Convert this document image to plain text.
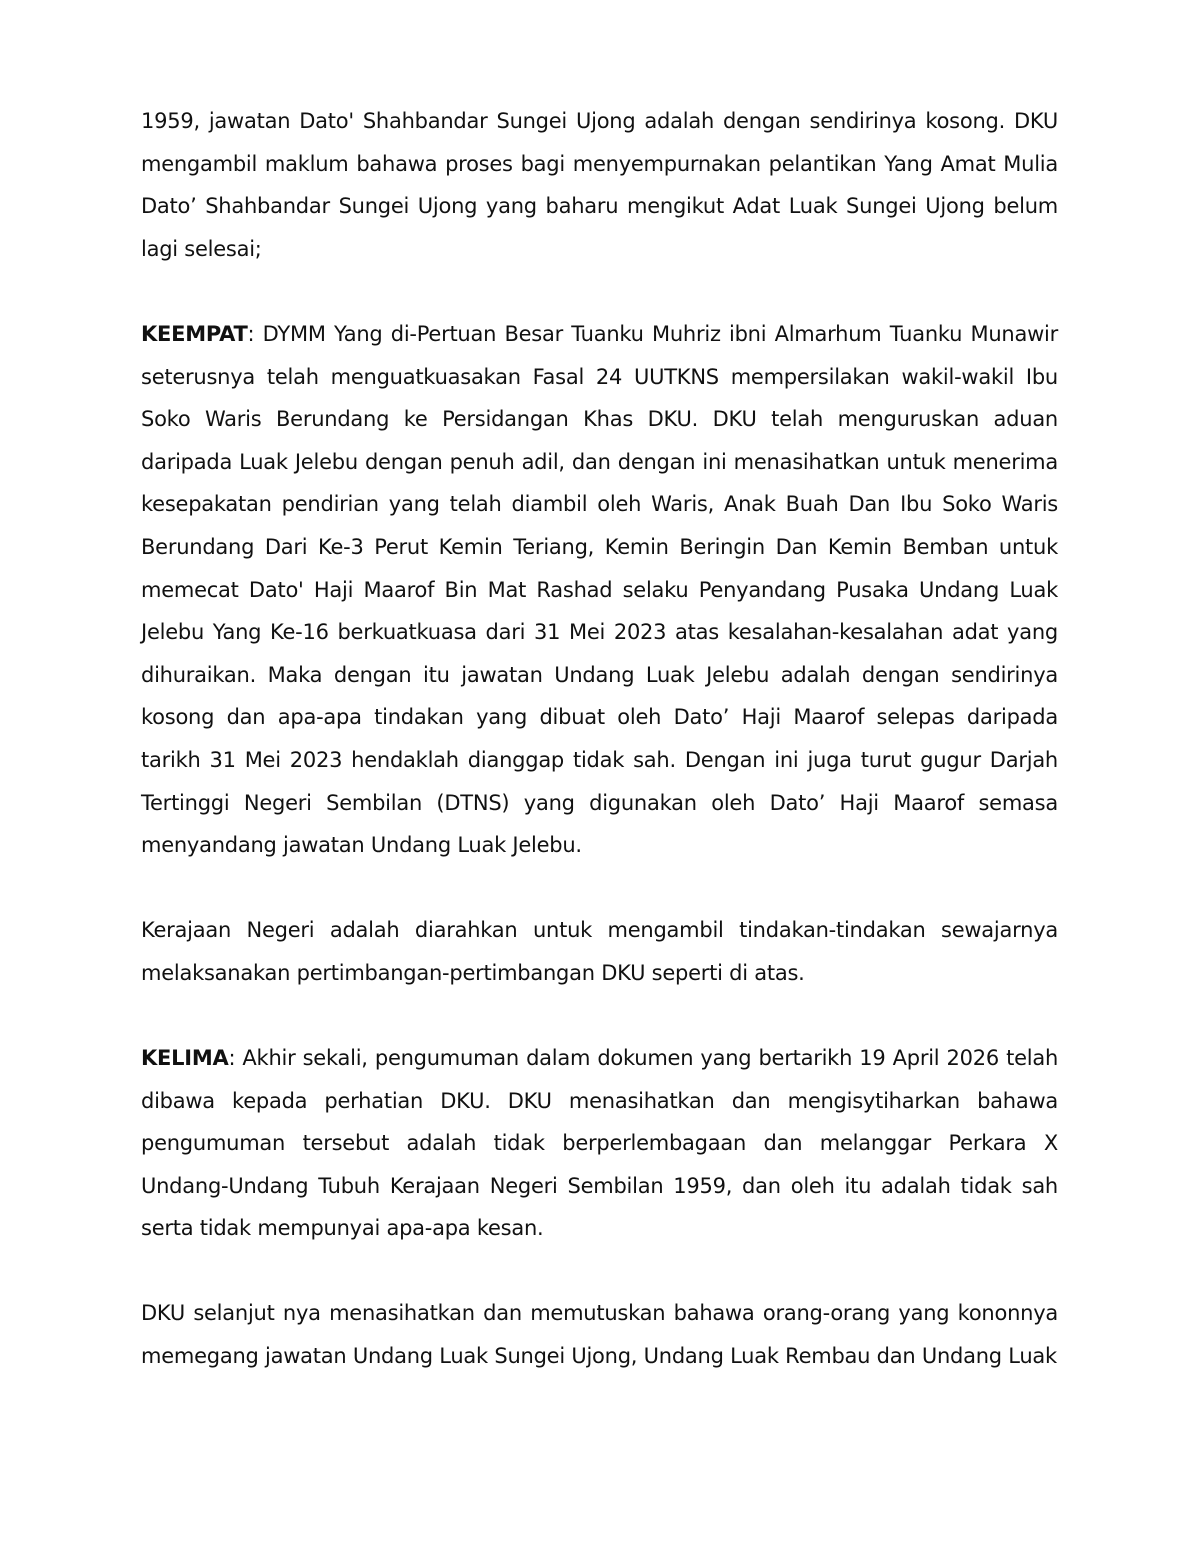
1959, jawatan Dato' Shahbandar Sungei Ujong adalah dengan sendirinya kosong. DKU mengambil maklum bahawa proses bagi menyempurnakan pelantikan Yang Amat Mulia Dato’ Shahbandar Sungei Ujong yang baharu mengikut Adat Luak Sungei Ujong belum lagi selesai;

KEEMPAT: DYMM Yang di-Pertuan Besar Tuanku Muhriz ibni Almarhum Tuanku Munawir seterusnya telah menguatkuasakan Fasal 24 UUTKNS mempersilakan wakil-wakil Ibu Soko Waris Berundang ke Persidangan Khas DKU. DKU telah menguruskan aduan daripada Luak Jelebu dengan penuh adil, dan dengan ini menasihatkan untuk menerima kesepakatan pendirian yang telah diambil oleh Waris, Anak Buah Dan Ibu Soko Waris Berundang Dari Ke-3 Perut Kemin Teriang, Kemin Beringin Dan Kemin Bemban untuk memecat Dato' Haji Maarof Bin Mat Rashad selaku Penyandang Pusaka Undang Luak Jelebu Yang Ke-16 berkuatkuasa dari 31 Mei 2023 atas kesalahan-kesalahan adat yang dihuraikan. Maka dengan itu jawatan Undang Luak Jelebu adalah dengan sendirinya kosong dan apa-apa tindakan yang dibuat oleh Dato’ Haji Maarof selepas daripada tarikh 31 Mei 2023 hendaklah dianggap tidak sah. Dengan ini juga turut gugur Darjah Tertinggi Negeri Sembilan (DTNS) yang digunakan oleh Dato’ Haji Maarof semasa menyandang jawatan Undang Luak Jelebu.

Kerajaan Negeri adalah diarahkan untuk mengambil tindakan-tindakan sewajarnya melaksanakan pertimbangan-pertimbangan DKU seperti di atas.

KELIMA: Akhir sekali, pengumuman dalam dokumen yang bertarikh 19 April 2026 telah dibawa kepada perhatian DKU. DKU menasihatkan dan mengisytiharkan bahawa pengumuman tersebut adalah tidak berperlembagaan dan melanggar Perkara X Undang-Undang Tubuh Kerajaan Negeri Sembilan 1959, dan oleh itu adalah tidak sah serta tidak mempunyai apa-apa kesan.

DKU selanjut nya menasihatkan dan memutuskan bahawa orang-orang yang kononnya memegang jawatan Undang Luak Sungei Ujong, Undang Luak Rembau dan Undang Luak
